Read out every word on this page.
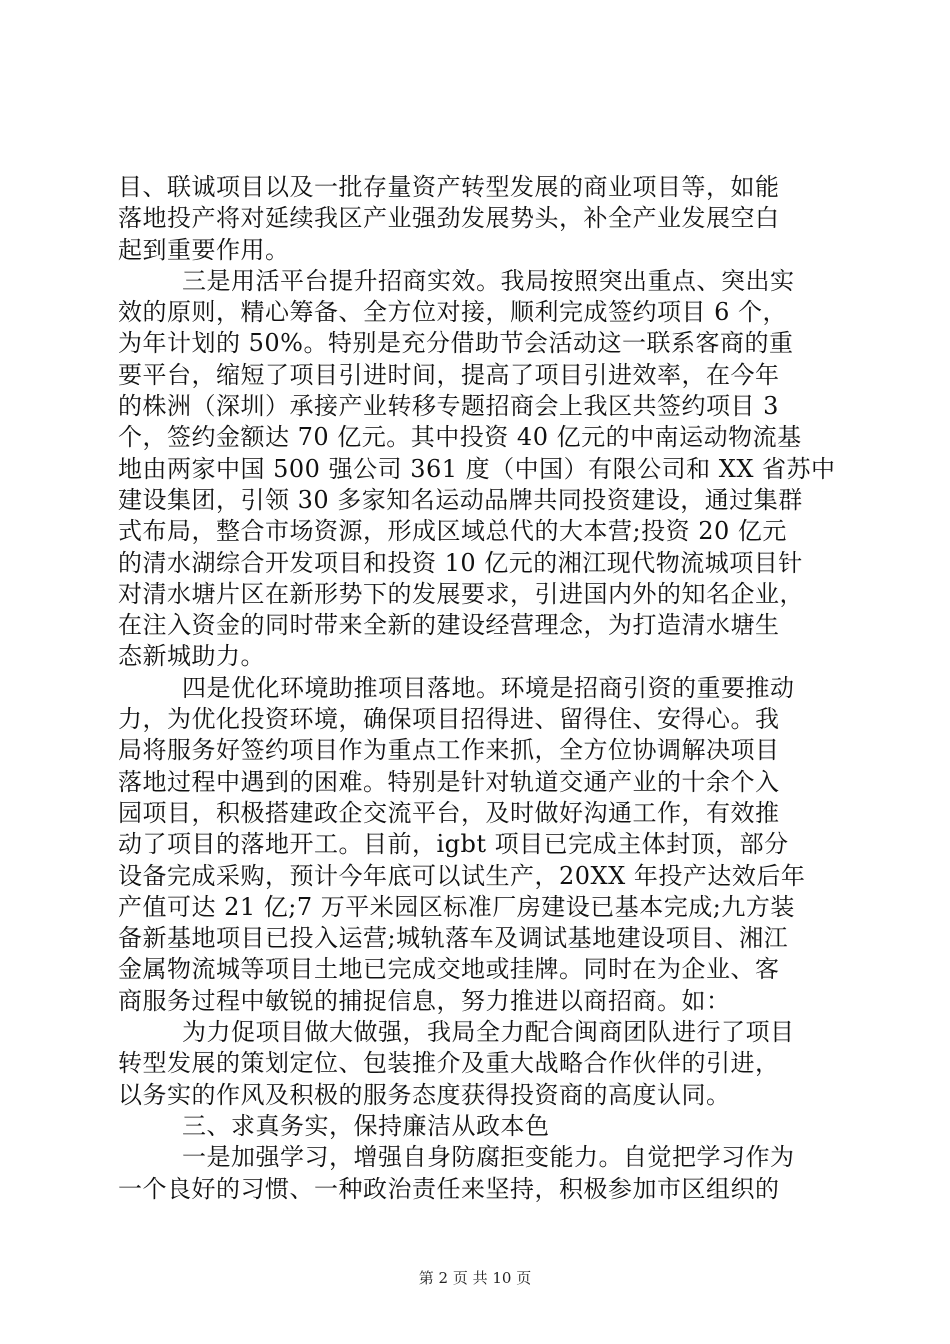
目、联诚项目以及一批存量资产转型发展的商业项目等，如能
落地投产将对延续我区产业强劲发展势头，补全产业发展空白
起到重要作用。
三是用活平台提升招商实效。我局按照突出重点、突出实
效的原则，精心筹备、全方位对接，顺利完成签约项目 6 个，
为年计划的 50%。特别是充分借助节会活动这一联系客商的重
要平台，缩短了项目引进时间，提高了项目引进效率，在今年
的株洲（深圳）承接产业转移专题招商会上我区共签约项目 3
个，签约金额达 70 亿元。其中投资 40 亿元的中南运动物流基
地由两家中国 500 强公司 361 度（中国）有限公司和 XX 省苏中
建设集团，引领 30 多家知名运动品牌共同投资建设，通过集群
式布局，整合市场资源，形成区域总代的大本营;投资 20 亿元
的清水湖综合开发项目和投资 10 亿元的湘江现代物流城项目针
对清水塘片区在新形势下的发展要求，引进国内外的知名企业，
在注入资金的同时带来全新的建设经营理念，为打造清水塘生
态新城助力。
四是优化环境助推项目落地。环境是招商引资的重要推动
力，为优化投资环境，确保项目招得进、留得住、安得心。我
局将服务好签约项目作为重点工作来抓，全方位协调解决项目
落地过程中遇到的困难。特别是针对轨道交通产业的十余个入
园项目，积极搭建政企交流平台，及时做好沟通工作，有效推
动了项目的落地开工。目前，igbt 项目已完成主体封顶，部分
设备完成采购，预计今年底可以试生产，20XX 年投产达效后年
产值可达 21 亿;7 万平米园区标准厂房建设已基本完成;九方装
备新基地项目已投入运营;城轨落车及调试基地建设项目、湘江
金属物流城等项目土地已完成交地或挂牌。同时在为企业、客
商服务过程中敏锐的捕捉信息，努力推进以商招商。如：
为力促项目做大做强，我局全力配合闽商团队进行了项目
转型发展的策划定位、包装推介及重大战略合作伙伴的引进，
以务实的作风及积极的服务态度获得投资商的高度认同。
三、求真务实，保持廉洁从政本色
一是加强学习，增强自身防腐拒变能力。自觉把学习作为
一个良好的习惯、一种政治责任来坚持，积极参加市区组织的
第 2 页 共 10 页
